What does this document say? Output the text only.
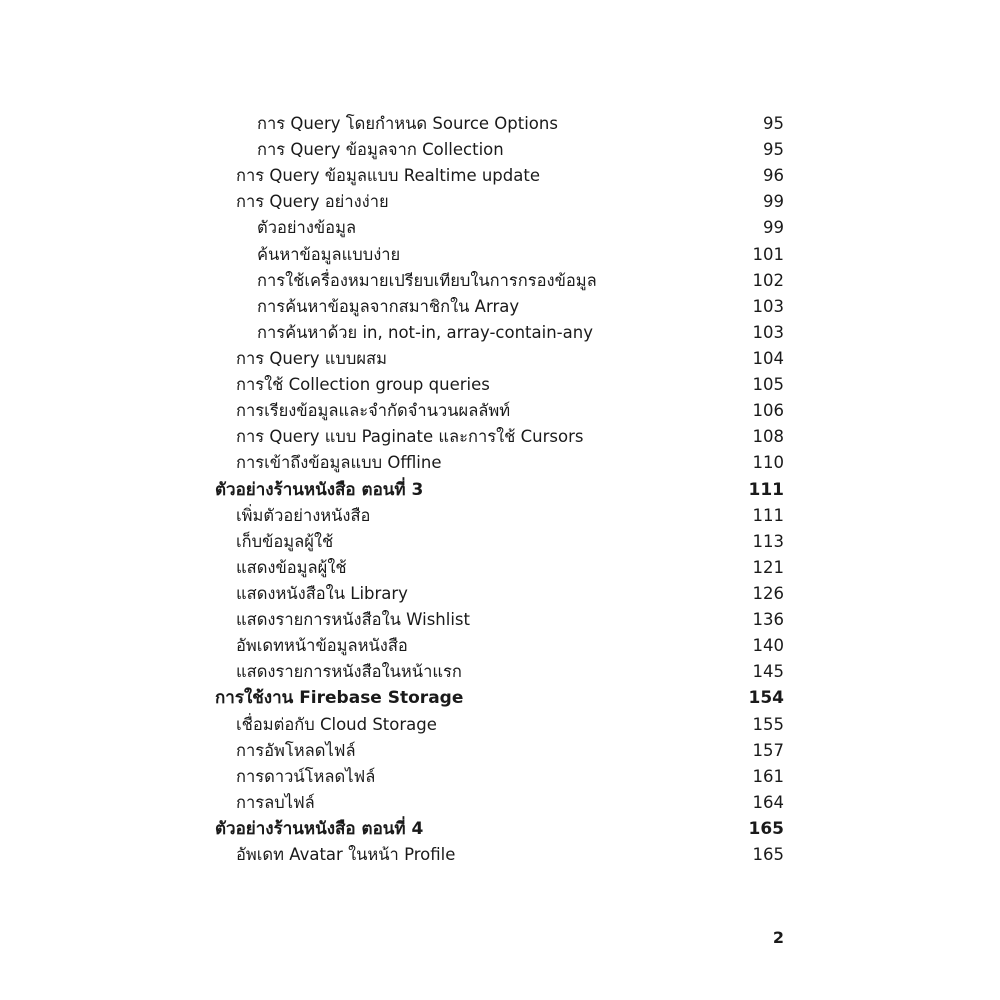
การ Query โดยกำหนด Source Options	95
การ Query ข้อมูลจาก Collection	95
การ Query ข้อมูลแบบ Realtime update	96
การ Query อย่างง่าย	99
ตัวอย่างข้อมูล	99
ค้นหาข้อมูลแบบง่าย	101
การใช้เครื่องหมายเปรียบเทียบในการกรองข้อมูล	102
การค้นหาข้อมูลจากสมาชิกใน Array	103
การค้นหาด้วย in, not-in, array-contain-any	103
การ Query แบบผสม	104
การใช้ Collection group queries	105
การเรียงข้อมูลและจำกัดจำนวนผลลัพท์	106
การ Query แบบ Paginate และการใช้ Cursors	108
การเข้าถึงข้อมูลแบบ Offline	110
ตัวอย่างร้านหนังสือ ตอนที่ 3	111
เพิ่มตัวอย่างหนังสือ	111
เก็บข้อมูลผู้ใช้	113
แสดงข้อมูลผู้ใช้	121
แสดงหนังสือใน Library	126
แสดงรายการหนังสือใน Wishlist	136
อัพเดทหน้าข้อมูลหนังสือ	140
แสดงรายการหนังสือในหน้าแรก	145
การใช้งาน Firebase Storage	154
เชื่อมต่อกับ Cloud Storage	155
การอัพโหลดไฟล์	157
การดาวน์โหลดไฟล์	161
การลบไฟล์	164
ตัวอย่างร้านหนังสือ ตอนที่ 4	165
อัพเดท Avatar ในหน้า Profile	165
2
